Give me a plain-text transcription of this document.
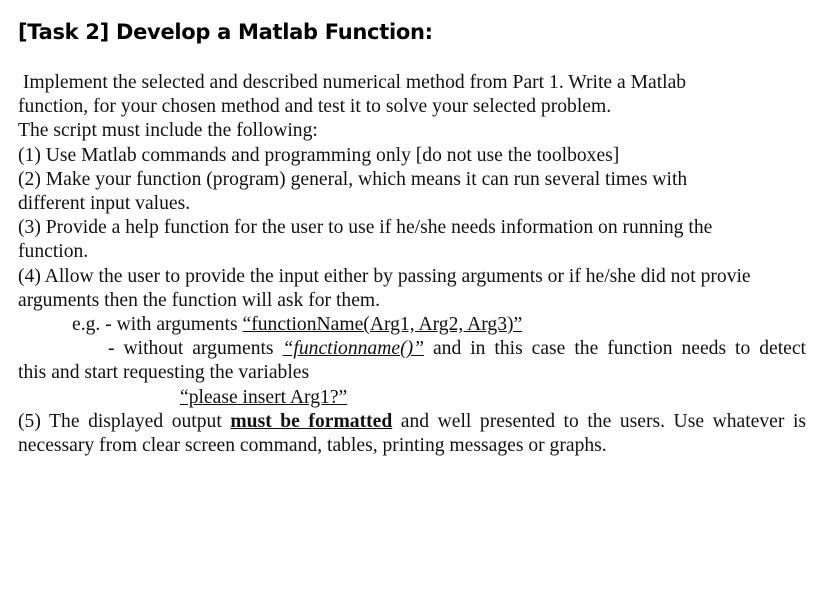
[Task 2] Develop a Matlab Function:
Implement the selected and described numerical method from Part 1. Write a Matlab
function, for your chosen method and test it to solve your selected problem.
The script must include the following:
(1) Use Matlab commands and programming only [do not use the toolboxes]
(2) Make your function (program) general, which means it can run several times with
different input values.
(3) Provide a help function for the user to use if he/she needs information on running the
function.
(4) Allow the user to provide the input either by passing arguments or if he/she did not provie
arguments then the function will ask for them.
e.g. - with arguments “functionName(Arg1, Arg2, Arg3)”
- without arguments “functionname()” and in this case the function needs to detect
this and start requesting the variables
“please insert Arg1?”
(5) The displayed output must be formatted and well presented to the users. Use whatever is
necessary from clear screen command, tables, printing messages or graphs.
